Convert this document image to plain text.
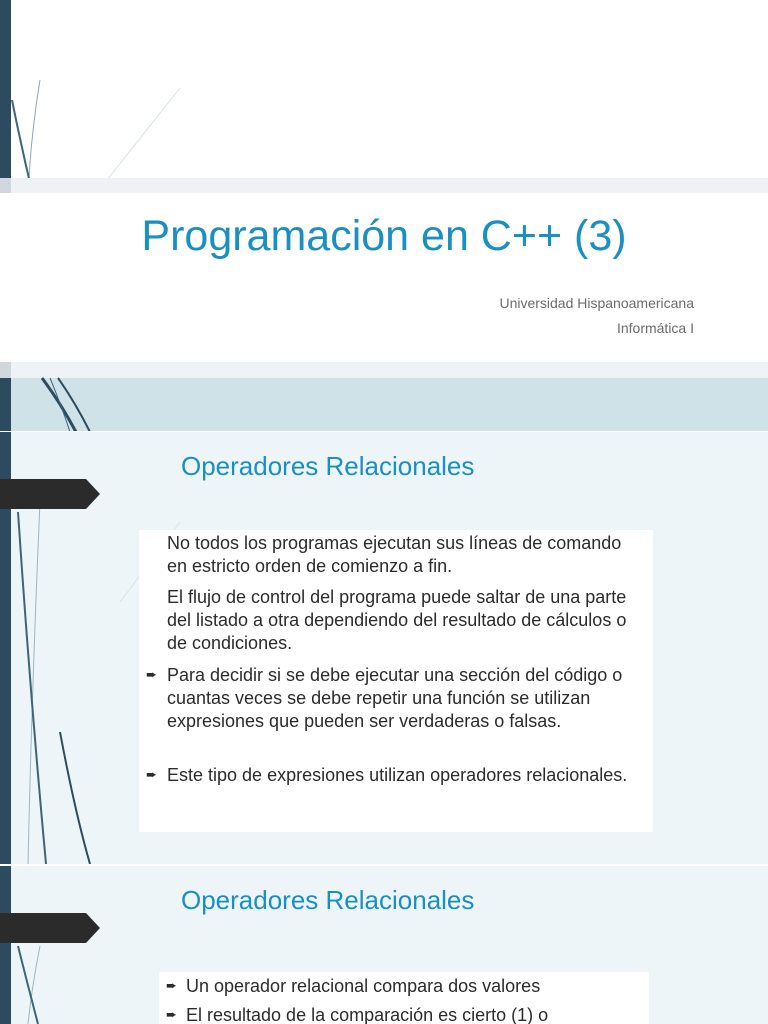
Programación en C++ (3)
Universidad Hispanoamericana
Informática I
Operadores Relacionales
No todos los programas ejecutan sus líneas de comando en estricto orden de comienzo a fin.
El flujo de control del programa puede saltar de una parte del listado a otra dependiendo del resultado de cálculos o de condiciones.
➨ Para decidir si se debe ejecutar una sección del código o cuantas veces se debe repetir una función se utilizan expresiones que pueden ser verdaderas o falsas.
➨ Este tipo de expresiones utilizan operadores relacionales.
Operadores Relacionales
➨ Un operador relacional compara dos valores
➨ El resultado de la comparación es cierto (1) o
